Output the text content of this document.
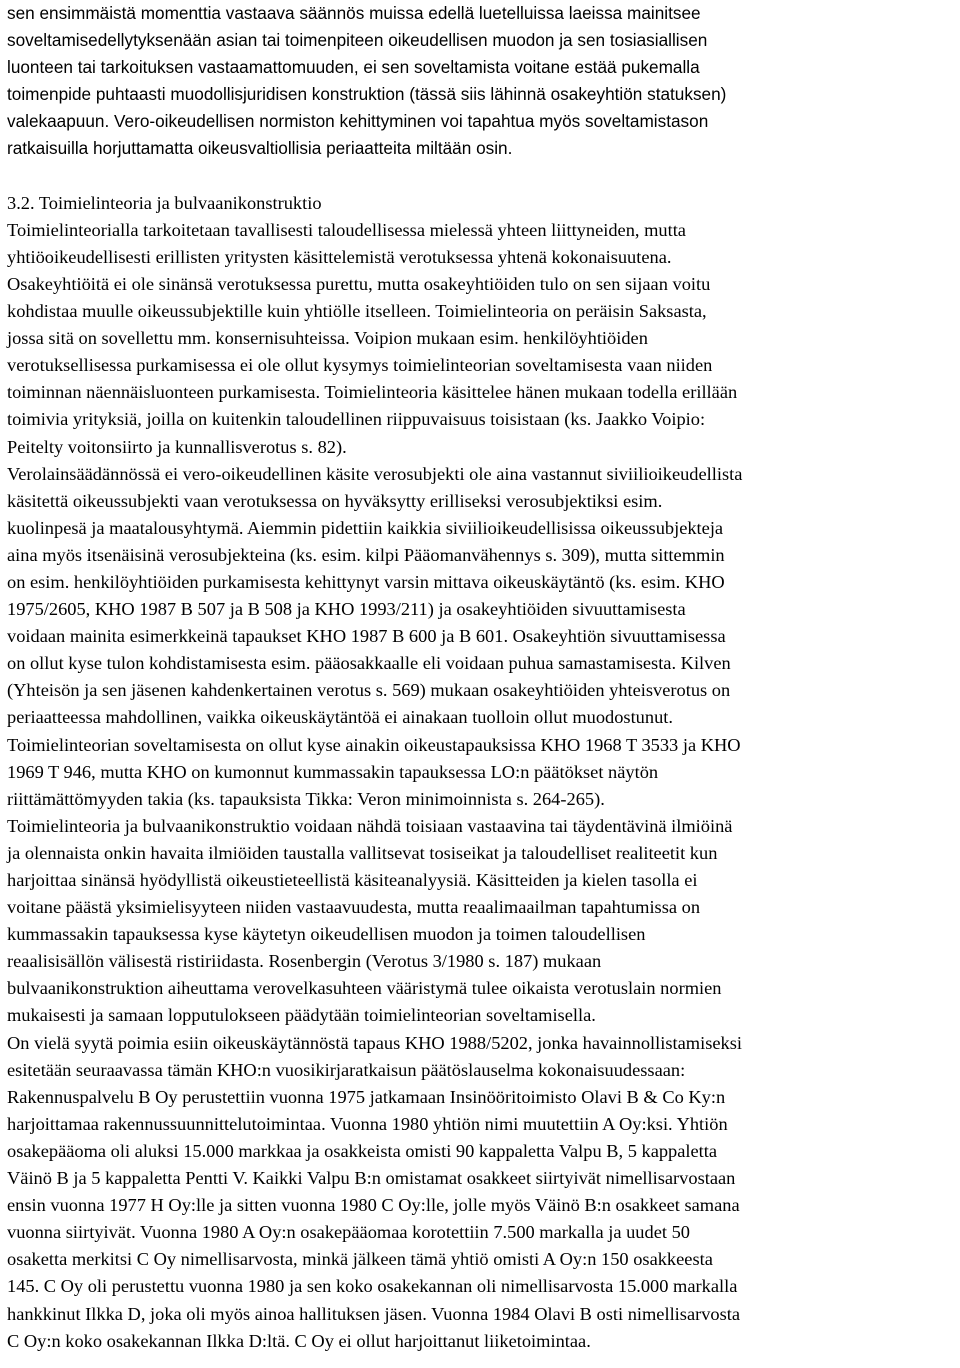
sen ensimmäistä momenttia vastaava säännös muissa edellä luetelluissa laeissa mainitsee
soveltamisedellytyksenään asian tai toimenpiteen oikeudellisen muodon ja sen tosiasiallisen
luonteen tai tarkoituksen vastaamattomuuden, ei sen soveltamista voitane estää pukemalla
toimenpide puhtaasti muodollisjuridisen konstruktion (tässä siis lähinnä osakeyhtiön statuksen)
valekaapuun. Vero-oikeudellisen normiston kehittyminen voi tapahtua myös soveltamistason
ratkaisuilla horjuttamatta oikeusvaltiollisia periaatteita miltään osin.
3.2. Toimielinteoria ja bulvaanikonstruktio
Toimielinteorialla tarkoitetaan tavallisesti taloudellisessa mielessä yhteen liittyneiden, mutta
yhtiöoikeudellisesti erillisten yritysten käsittelemistä verotuksessa yhtenä kokonaisuutena.
Osakeyhtiöitä ei ole sinänsä verotuksessa purettu, mutta osakeyhtiöiden tulo on sen sijaan voitu
kohdistaa muulle oikeussubjektille kuin yhtiölle itselleen. Toimielinteoria on peräisin Saksasta,
jossa sitä on sovellettu mm. konsernisuhteissa. Voipion mukaan esim. henkilöyhtiöiden
verotuksellisessa purkamisessa ei ole ollut kysymys toimielinteorian soveltamisesta vaan niiden
toiminnan näennäisluonteen purkamisesta. Toimielinteoria käsittelee hänen mukaan todella erillään
toimivia yrityksiä, joilla on kuitenkin taloudellinen riippuvaisuus toisistaan (ks. Jaakko Voipio:
Peitelty voitonsiirto ja kunnallisverotus s. 82).
Verolainsäädännössä ei vero-oikeudellinen käsite verosubjekti ole aina vastannut siviilioikeudellista
käsitettä oikeussubjekti vaan verotuksessa on hyväksytty erilliseksi verosubjektiksi esim.
kuolinpesä ja maatalousyhtymä. Aiemmin pidettiin kaikkia siviilioikeudellisissa oikeussubjekteja
aina myös itsenäisinä verosubjekteina (ks. esim. kilpi Pääomanvähennys s. 309), mutta sittemmin
on esim. henkilöyhtiöiden purkamisesta kehittynyt varsin mittava oikeuskäytäntö (ks. esim. KHO
1975/2605, KHO 1987 B 507 ja B 508 ja KHO 1993/211) ja osakeyhtiöiden sivuuttamisesta
voidaan mainita esimerkkeinä tapaukset KHO 1987 B 600 ja B 601. Osakeyhtiön sivuuttamisessa
on ollut kyse tulon kohdistamisesta esim. pääosakkaalle eli voidaan puhua samastamisesta. Kilven
(Yhteisön ja sen jäsenen kahdenkertainen verotus s. 569) mukaan osakeyhtiöiden yhteisverotus on
periaatteessa mahdollinen, vaikka oikeuskäytäntöä ei ainakaan tuolloin ollut muodostunut.
Toimielinteorian soveltamisesta on ollut kyse ainakin oikeustapauksissa KHO 1968 T 3533 ja KHO
1969 T 946, mutta KHO on kumonnut kummassakin tapauksessa LO:n päätökset näytön
riittämättömyyden takia (ks. tapauksista Tikka: Veron minimoinnista s. 264-265).
Toimielinteoria ja bulvaanikonstruktio voidaan nähdä toisiaan vastaavina tai täydentävinä ilmiöinä
ja olennaista onkin havaita ilmiöiden taustalla vallitsevat tosiseikat ja taloudelliset realiteetit kun
harjoittaa sinänsä hyödyllistä oikeustieteellistä käsiteanalyysiä. Käsitteiden ja kielen tasolla ei
voitane päästä yksimielisyyteen niiden vastaavuudesta, mutta reaalimaailman tapahtumissa on
kummassakin tapauksessa kyse käytetyn oikeudellisen muodon ja toimen taloudellisen
reaalisisällön välisestä ristiriidasta. Rosenbergin (Verotus 3/1980 s. 187) mukaan
bulvaanikonstruktion aiheuttama verovelkasuhteen vääristymä tulee oikaista verotuslain normien
mukaisesti ja samaan lopputulokseen päädytään toimielinteorian soveltamisella.
On vielä syytä poimia esiin oikeuskäytännöstä tapaus KHO 1988/5202, jonka havainnollistamiseksi
esitetään seuraavassa tämän KHO:n vuosikirjaratkaisun päätöslauselma kokonaisuudessaan:
Rakennuspalvelu B Oy perustettiin vuonna 1975 jatkamaan Insinööritoimisto Olavi B & Co Ky:n
harjoittamaa rakennussuunnittelutoimintaa. Vuonna 1980 yhtiön nimi muutettiin A Oy:ksi. Yhtiön
osakepääoma oli aluksi 15.000 markkaa ja osakkeista omisti 90 kappaletta Valpu B, 5 kappaletta
Väinö B ja 5 kappaletta Pentti V. Kaikki Valpu B:n omistamat osakkeet siirtyivät nimellisarvostaan
ensin vuonna 1977 H Oy:lle ja sitten vuonna 1980 C Oy:lle, jolle myös Väinö B:n osakkeet samana
vuonna siirtyivät. Vuonna 1980 A Oy:n osakepääomaa korotettiin 7.500 markalla ja uudet 50
osaketta merkitsi C Oy nimellisarvosta, minkä jälkeen tämä yhtiö omisti A Oy:n 150 osakkeesta
145. C Oy oli perustettu vuonna 1980 ja sen koko osakekannan oli nimellisarvosta 15.000 markalla
hankkinut Ilkka D, joka oli myös ainoa hallituksen jäsen. Vuonna 1984 Olavi B osti nimellisarvosta
C Oy:n koko osakekannan Ilkka D:ltä. C Oy ei ollut harjoittanut liiketoimintaa.
